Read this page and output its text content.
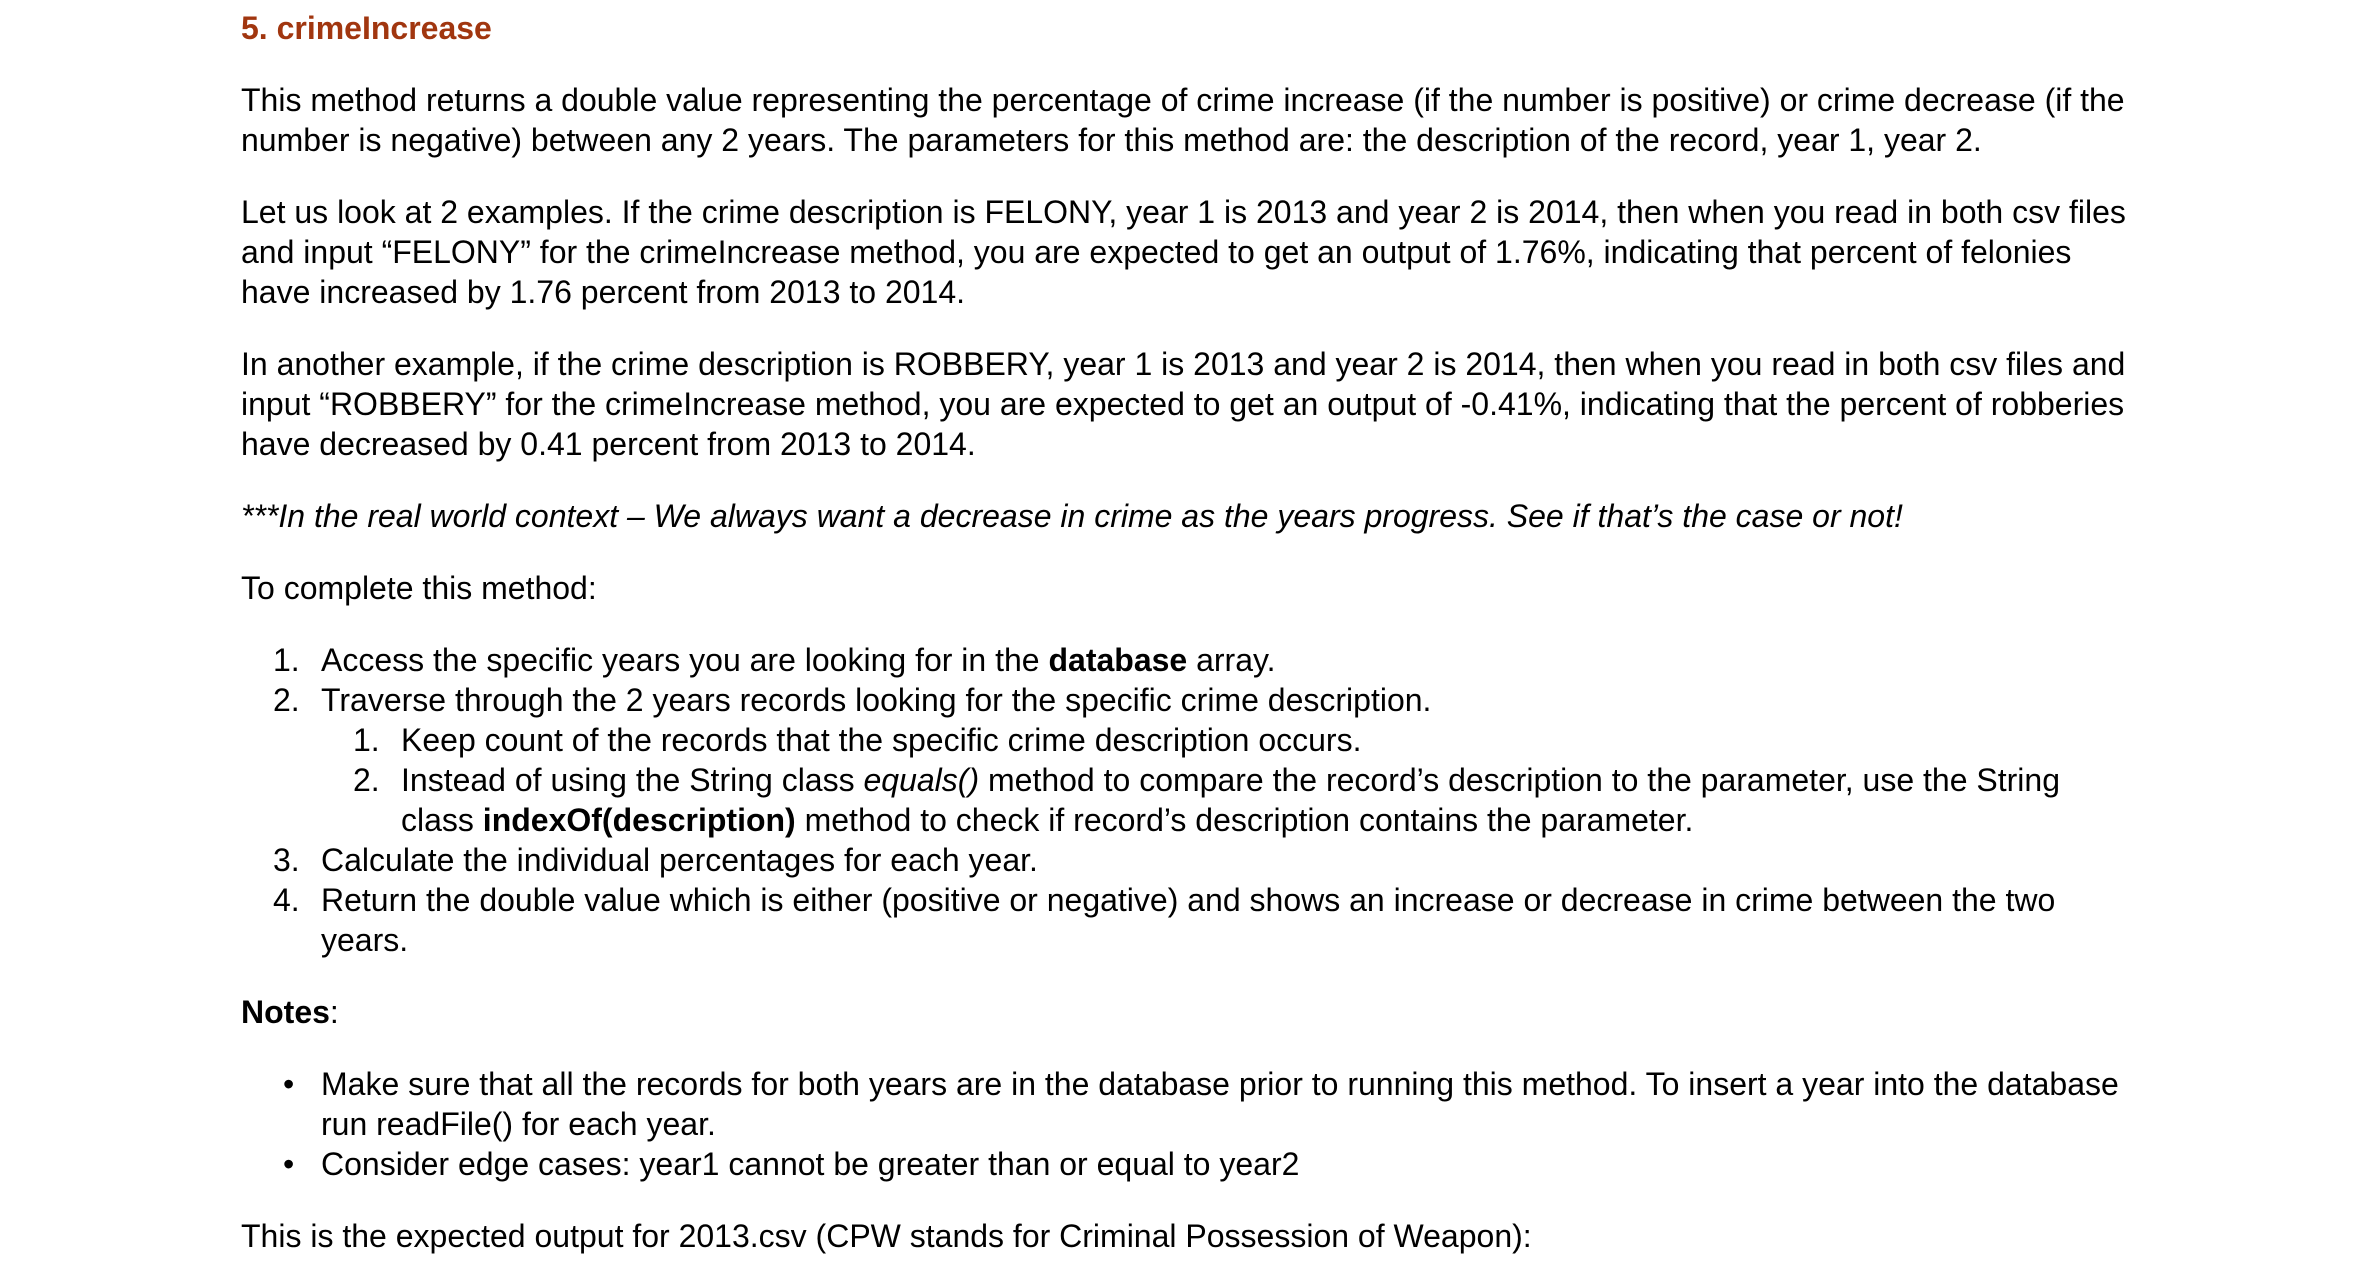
5. crimeIncrease

This method returns a double value representing the percentage of crime increase (if the number is positive) or crime decrease (if the number is negative) between any 2 years. The parameters for this method are: the description of the record, year 1, year 2.

Let us look at 2 examples. If the crime description is FELONY, year 1 is 2013 and year 2 is 2014, then when you read in both csv files and input “FELONY” for the crimeIncrease method, you are expected to get an output of 1.76%, indicating that percent of felonies have increased by 1.76 percent from 2013 to 2014.

In another example, if the crime description is ROBBERY, year 1 is 2013 and year 2 is 2014, then when you read in both csv files and input “ROBBERY” for the crimeIncrease method, you are expected to get an output of -0.41%, indicating that the percent of robberies have decreased by 0.41 percent from 2013 to 2014.

***In the real world context – We always want a decrease in crime as the years progress. See if that’s the case or not!

To complete this method:

1. Access the specific years you are looking for in the database array.
2. Traverse through the 2 years records looking for the specific crime description.
1. Keep count of the records that the specific crime description occurs.
2. Instead of using the String class equals() method to compare the record’s description to the parameter, use the String class indexOf(description) method to check if record’s description contains the parameter.
3. Calculate the individual percentages for each year.
4. Return the double value which is either (positive or negative) and shows an increase or decrease in crime between the two years.

Notes:

• Make sure that all the records for both years are in the database prior to running this method. To insert a year into the database run readFile() for each year.
• Consider edge cases: year1 cannot be greater than or equal to year2

This is the expected output for 2013.csv (CPW stands for Criminal Possession of Weapon):
